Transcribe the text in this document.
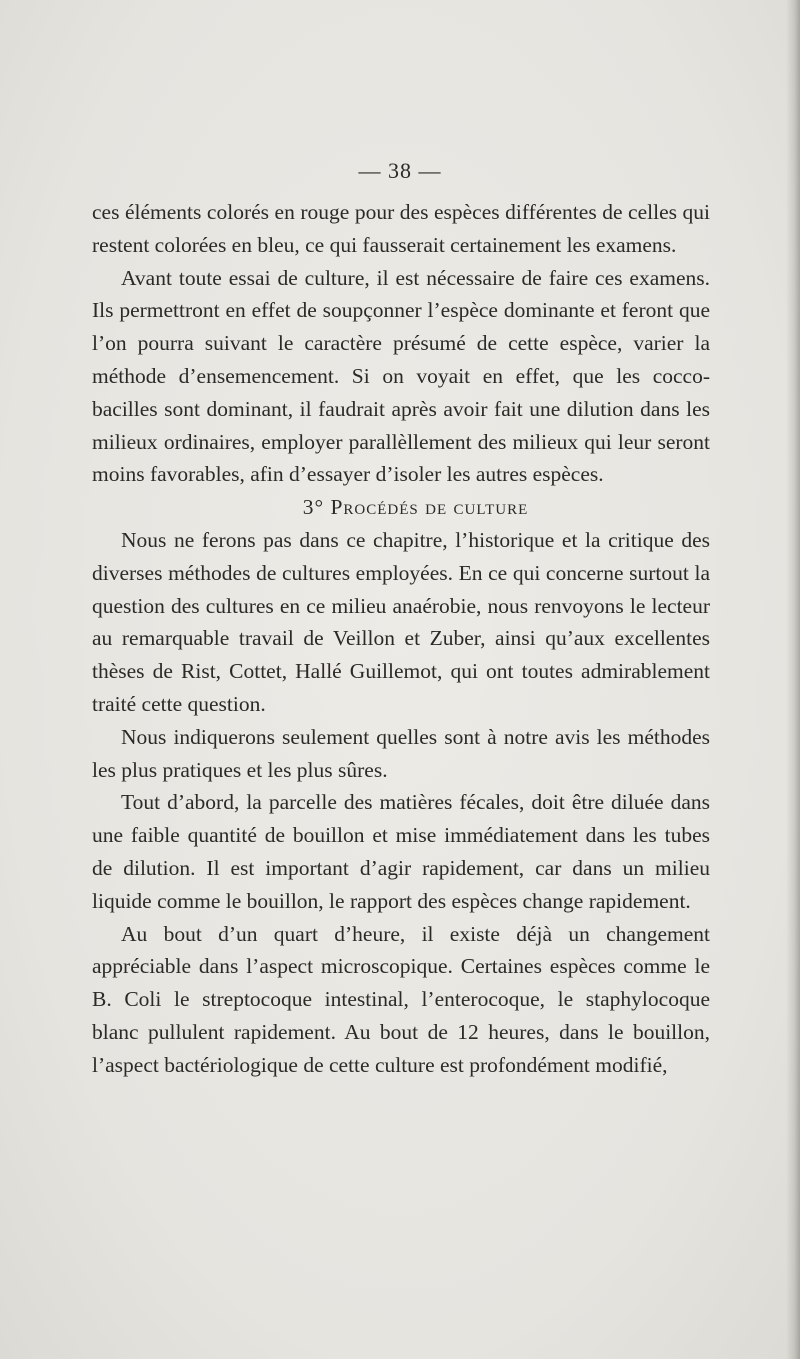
— 38 —

ces éléments colorés en rouge pour des espèces différentes de celles qui restent colorées en bleu, ce qui fausserait certainement les examens.

Avant toute essai de culture, il est nécessaire de faire ces examens. Ils permettront en effet de soupçonner l’espèce dominante et feront que l’on pourra suivant le caractère présumé de cette espèce, varier la méthode d’ensemencement. Si on voyait en effet, que les cocco-bacilles sont dominant, il faudrait après avoir fait une dilution dans les milieux ordinaires, employer parallèllement des milieux qui leur seront moins favorables, afin d’essayer d’isoler les autres espèces.

3° Procédés de culture

Nous ne ferons pas dans ce chapitre, l’historique et la critique des diverses méthodes de cultures employées. En ce qui concerne surtout la question des cultures en ce milieu anaérobie, nous renvoyons le lecteur au remarquable travail de Veillon et Zuber, ainsi qu’aux excellentes thèses de Rist, Cottet, Hallé Guillemot, qui ont toutes admirablement traité cette question.

Nous indiquerons seulement quelles sont à notre avis les méthodes les plus pratiques et les plus sûres.

Tout d’abord, la parcelle des matières fécales, doit être diluée dans une faible quantité de bouillon et mise immédiatement dans les tubes de dilution. Il est important d’agir rapidement, car dans un milieu liquide comme le bouillon, le rapport des espèces change rapidement.

Au bout d’un quart d’heure, il existe déjà un changement appréciable dans l’aspect microscopique. Certaines espèces comme le B. Coli le streptocoque intestinal, l’enterocoque, le staphylocoque blanc pullulent rapidement. Au bout de 12 heures, dans le bouillon, l’aspect bactériologique de cette culture est profondément modifié,
